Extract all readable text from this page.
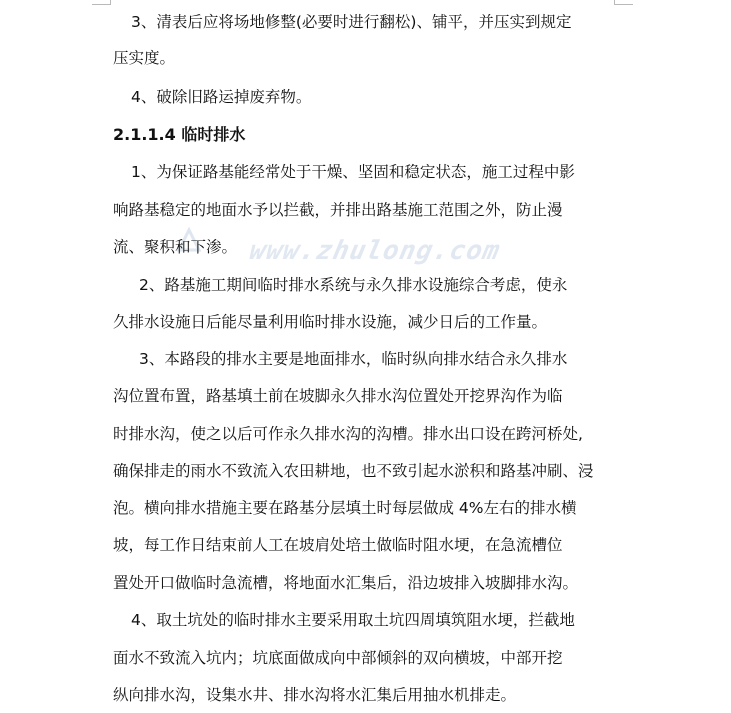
www.zhulong.com
3、清表后应将场地修整(必要时进行翻松)、铺平，并压实到规定
压实度。
4、破除旧路运掉废弃物。
2.1.1.4 临时排水
1、为保证路基能经常处于干燥、坚固和稳定状态，施工过程中影
响路基稳定的地面水予以拦截，并排出路基施工范围之外，防止漫
流、聚积和下渗。
2、路基施工期间临时排水系统与永久排水设施综合考虑，使永
久排水设施日后能尽量利用临时排水设施，减少日后的工作量。
3、本路段的排水主要是地面排水，临时纵向排水结合永久排水
沟位置布置，路基填土前在坡脚永久排水沟位置处开挖界沟作为临
时排水沟，使之以后可作永久排水沟的沟槽。排水出口设在跨河桥处,
确保排走的雨水不致流入农田耕地，也不致引起水淤积和路基冲刷、浸
泡。横向排水措施主要在路基分层填土时每层做成 4%左右的排水横
坡，每工作日结束前人工在坡肩处培土做临时阻水埂，在急流槽位
置处开口做临时急流槽，将地面水汇集后，沿边坡排入坡脚排水沟。
4、取土坑处的临时排水主要采用取土坑四周填筑阻水埂，拦截地
面水不致流入坑内；坑底面做成向中部倾斜的双向横坡，中部开挖
纵向排水沟，设集水井、排水沟将水汇集后用抽水机排走。
